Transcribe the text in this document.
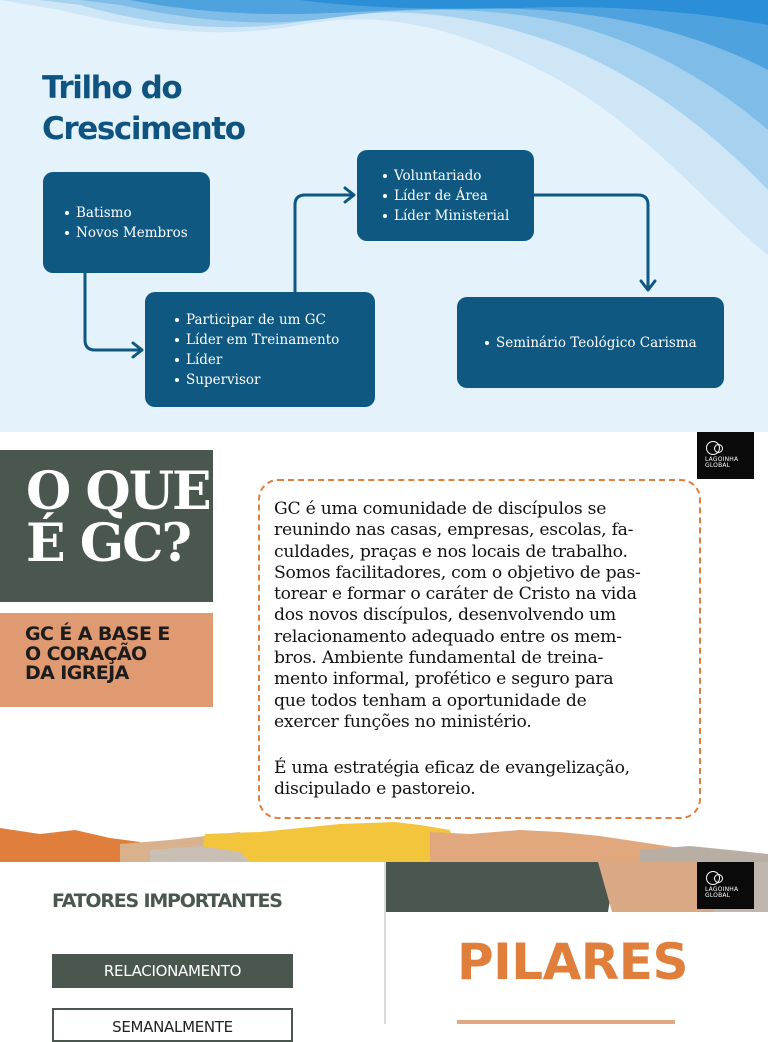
Trilho do
Crescimento
Batismo
Novos Membros
Participar de um GC
Líder em Treinamento
Líder
Supervisor
Voluntariado
Líder de Área
Líder Ministerial
Seminário Teológico Carisma
LAGOINHA
GLOBAL
O QUE
É GC?
GC É A BASE E
O CORAÇÃO
DA IGREJA

GC é uma comunidade de discípulos se
reunindo nas casas, empresas, escolas, fa-
culdades, praças e nos locais de trabalho.
Somos facilitadores, com o objetivo de pas-
torear e formar o caráter de Cristo na vida
dos novos discípulos, desenvolvendo um
relacionamento adequado entre os mem-
bros. Ambiente fundamental de treina-
mento informal, profético e seguro para
que todos tenham a oportunidade de
exercer funções no ministério.

É uma estratégia eficaz de evangelização,
discipulado e pastoreio.

FATORES IMPORTANTES
RELACIONAMENTO
SEMANALMENTE
LAGOINHA
GLOBAL
PILARES
